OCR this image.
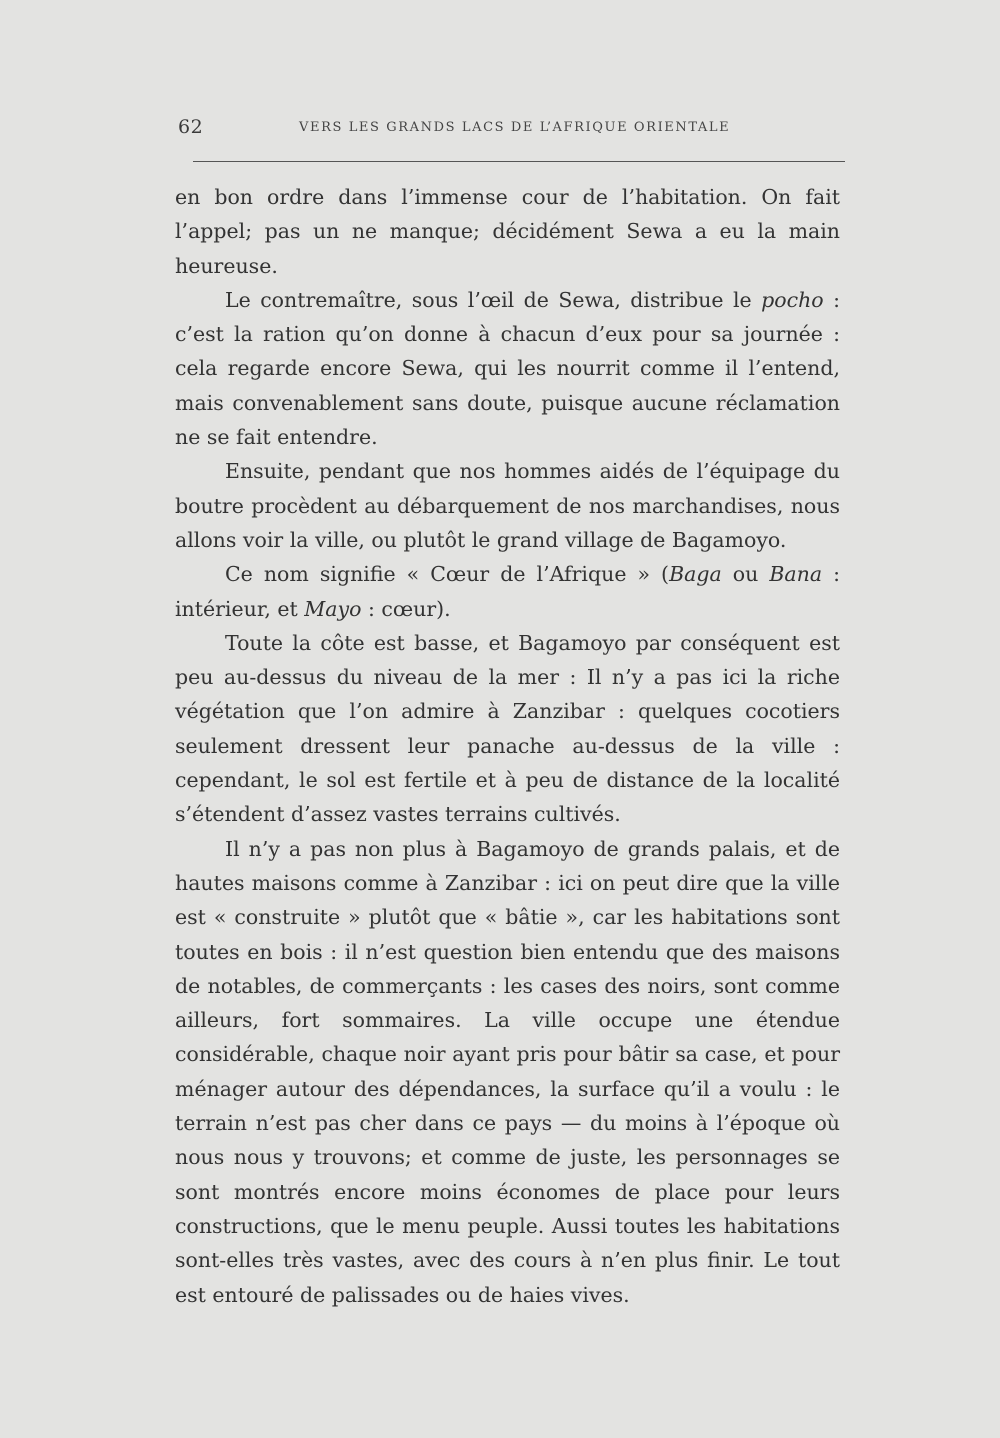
62	VERS LES GRANDS LACS DE L’AFRIQUE ORIENTALE

en bon ordre dans l’immense cour de l’habitation. On fait l’appel; pas un ne manque; décidément Sewa a eu la main heureuse.

Le contremaître, sous l’œil de Sewa, distribue le pocho : c’est la ration qu’on donne à chacun d’eux pour sa journée : cela regarde encore Sewa, qui les nourrit comme il l’entend, mais convenablement sans doute, puisque aucune réclamation ne se fait entendre.

Ensuite, pendant que nos hommes aidés de l’équipage du boutre procèdent au débarquement de nos marchandises, nous allons voir la ville, ou plutôt le grand village de Bagamoyo.

Ce nom signifie « Cœur de l’Afrique » (Baga ou Bana : intérieur, et Mayo : cœur).

Toute la côte est basse, et Bagamoyo par conséquent est peu au-dessus du niveau de la mer : Il n’y a pas ici la riche végétation que l’on admire à Zanzibar : quelques cocotiers seulement dressent leur panache au-dessus de la ville : cependant, le sol est fertile et à peu de distance de la localité s’étendent d’assez vastes terrains cultivés.

Il n’y a pas non plus à Bagamoyo de grands palais, et de hautes maisons comme à Zanzibar : ici on peut dire que la ville est « construite » plutôt que « bâtie », car les habitations sont toutes en bois : il n’est question bien entendu que des maisons de notables, de commerçants : les cases des noirs, sont comme ailleurs, fort sommaires. La ville occupe une étendue considérable, chaque noir ayant pris pour bâtir sa case, et pour ménager autour des dépendances, la surface qu’il a voulu : le terrain n’est pas cher dans ce pays — du moins à l’époque où nous nous y trouvons; et comme de juste, les personnages se sont montrés encore moins économes de place pour leurs constructions, que le menu peuple. Aussi toutes les habitations sont-elles très vastes, avec des cours à n’en plus finir. Le tout est entouré de palissades ou de haies vives.
